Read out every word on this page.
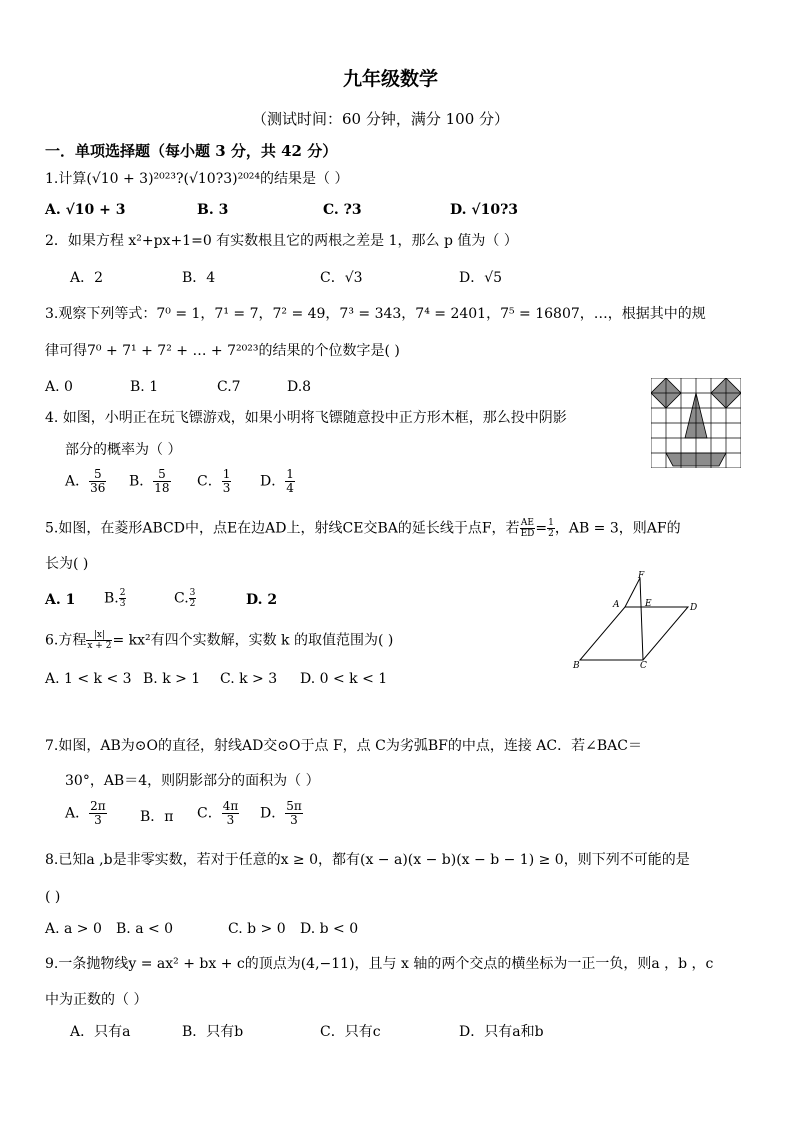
九年级数学
（测试时间：60 分钟，满分 100 分）
一．单项选择题（每小题 3 分，共 42 分）
1.计算(√10 + 3)²⁰²³?(√10?3)²⁰²⁴的结果是（ ）
A. √10 + 3	B. 3	C. ?3	D. √10?3
2．如果方程 x²+px+1=0 有实数根且它的两根之差是 1，那么 p 值为（ ）
A．2	B．4	C．√3	D．√5
3.观察下列等式：7⁰ = 1，7¹ = 7，7² = 49，7³ = 343，7⁴ = 2401，7⁵ = 16807，…，根据其中的规
律可得7⁰ + 7¹ + 7² + … + 7²⁰²³的结果的个位数字是( )
A. 0	B. 1	C.7	D.8
4. 如图，小明正在玩飞镖游戏，如果小明将飞镖随意投中正方形木框，那么投中阴影
部分的概率为（ ）
A． $\frac{5}{36}$ B． $\frac{5}{18}$ C． $\frac{1}{3}$ D． $\frac{1}{4}$
5.如图，在菱形ABCD中，点E在边AD上，射线CE交BA的延长线于点F，若 $\frac{AE}{ED} = \frac{1}{2}$ ，AB = 3，则AF的
长为( )
A. 1 B. $\frac{2}{3}$	C. $\frac{3}{2}$	D. 2
F
A	E	D
B	C
6.方程 $\frac{|x|}{x + 2} = kx^2$有四个实数解，实数 k 的取值范围为( )
A. 1 < k < 3 B. k > 1 C. k > 3 D. 0 < k < 1
7.如图，AB为⊙O的直径，射线AD交⊙O于点 F，点 C为劣弧BF的中点，连接 AC．若∠BAC＝
30°，AB＝4，则阴影部分的面积为（ ）
A． $\frac{2\pi}{3}$ B．π C． $\frac{4\pi}{3}$ D． $\frac{5\pi}{3}$
8.已知a ,b是非零实数，若对于任意的x ≥ 0，都有(x − a)(x − b)(x − b − 1) ≥ 0，则下列不可能的是
( )
A. a > 0 B. a < 0	C. b > 0 D. b < 0
9.一条抛物线y = ax² + bx + c的顶点为(4,−11)，且与 x 轴的两个交点的横坐标为一正一负，则a ，b ，c
中为正数的（ ）
A．只有a	B．只有b	C．只有c	D．只有a和b
